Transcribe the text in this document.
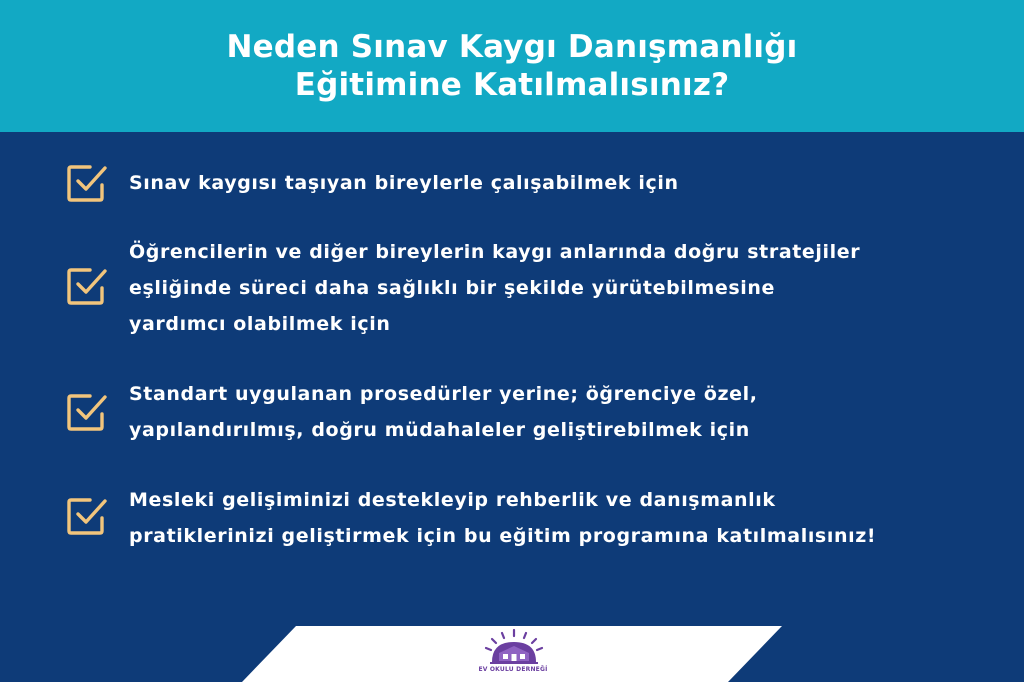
Neden Sınav Kaygı Danışmanlığı
Eğitimine Katılmalısınız?
Sınav kaygısı taşıyan bireylerle çalışabilmek için
Öğrencilerin ve diğer bireylerin kaygı anlarında doğru stratejiler
eşliğinde süreci daha sağlıklı bir şekilde yürütebilmesine
yardımcı olabilmek için
Standart uygulanan prosedürler yerine; öğrenciye özel,
yapılandırılmış, doğru müdahaleler geliştirebilmek için
Mesleki gelişiminizi destekleyip rehberlik ve danışmanlık
pratiklerinizi geliştirmek için bu eğitim programına katılmalısınız!
EV OKULU DERNEĞİ
